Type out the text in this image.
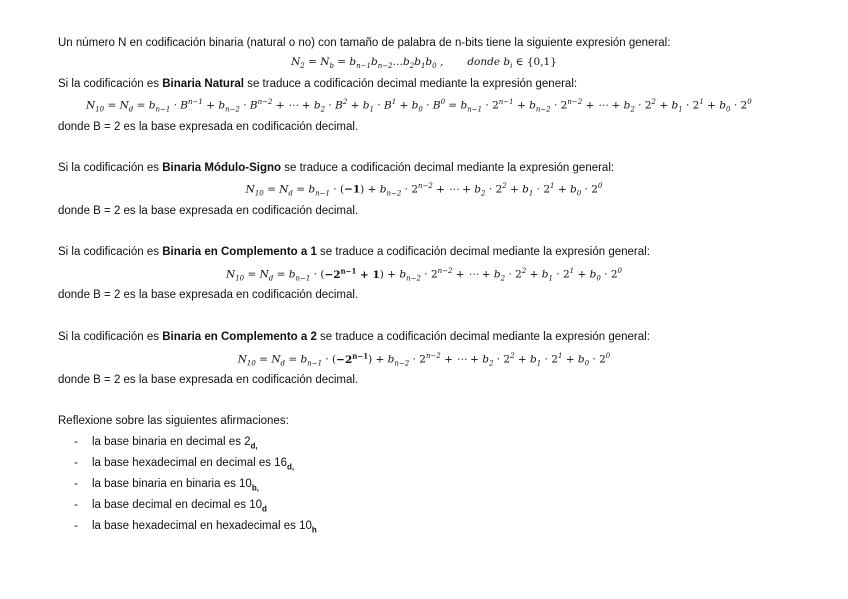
Un número N en codificación binaria (natural o no) con tamaño de palabra de n-bits tiene la siguiente expresión general:
$N_2 = N_b$ = $b_{n-1}b_{n-2}\dots b_2b_1b_0$ , donde $b_i$ ∈ {0,1}
Si la codificación es Binaria Natural se traduce a codificación decimal mediante la expresión general:
$N_{10} = N_d = b_{n-1} \cdot B^{n-1} + b_{n-2} \cdot B^{n-2}$ + ⋯ + $b_2 \cdot B^2 + b_1 \cdot B^1 + b_0 \cdot B^0 = b_{n-1} \cdot 2^{n-1} + b_{n-2} \cdot 2^{n-2}$ + ⋯ + $b_2 \cdot 2^2 + b_1 \cdot 2^1 + b_0 \cdot 2^0$
donde B = 2 es la base expresada en codificación decimal.
Si la codificación es Binaria Módulo-Signo se traduce a codificación decimal mediante la expresión general:
$N_{10} = N_d = b_{n-1} \cdot (-1) + b_{n-2} \cdot 2^{n-2}$ + ⋯ + $b_2 \cdot 2^2 + b_1 \cdot 2^1 + b_0 \cdot 2^0$
donde B = 2 es la base expresada en codificación decimal.
Si la codificación es Binaria en Complemento a 1 se traduce a codificación decimal mediante la expresión general:
$N_{10} = N_d = b_{n-1} \cdot (-2^{n-1} + 1) + b_{n-2} \cdot 2^{n-2}$ + ⋯ + $b_2 \cdot 2^2 + b_1 \cdot 2^1 + b_0 \cdot 2^0$
donde B = 2 es la base expresada en codificación decimal.
Si la codificación es Binaria en Complemento a 2 se traduce a codificación decimal mediante la expresión general:
$N_{10} = N_d = b_{n-1} \cdot (-2^{n-1}) + b_{n-2} \cdot 2^{n-2}$ + ⋯ + $b_2 \cdot 2^2 + b_1 \cdot 2^1 + b_0 \cdot 2^0$
donde B = 2 es la base expresada en codificación decimal.
Reflexione sobre las siguientes afirmaciones:
- la base binaria en decimal es $2_{d,}$
- la base hexadecimal en decimal es $16_{d,}$
- la base binaria en binaria es $10_{b,}$
- la base decimal en decimal es $10_d$
- la base hexadecimal en hexadecimal es $10_h$
